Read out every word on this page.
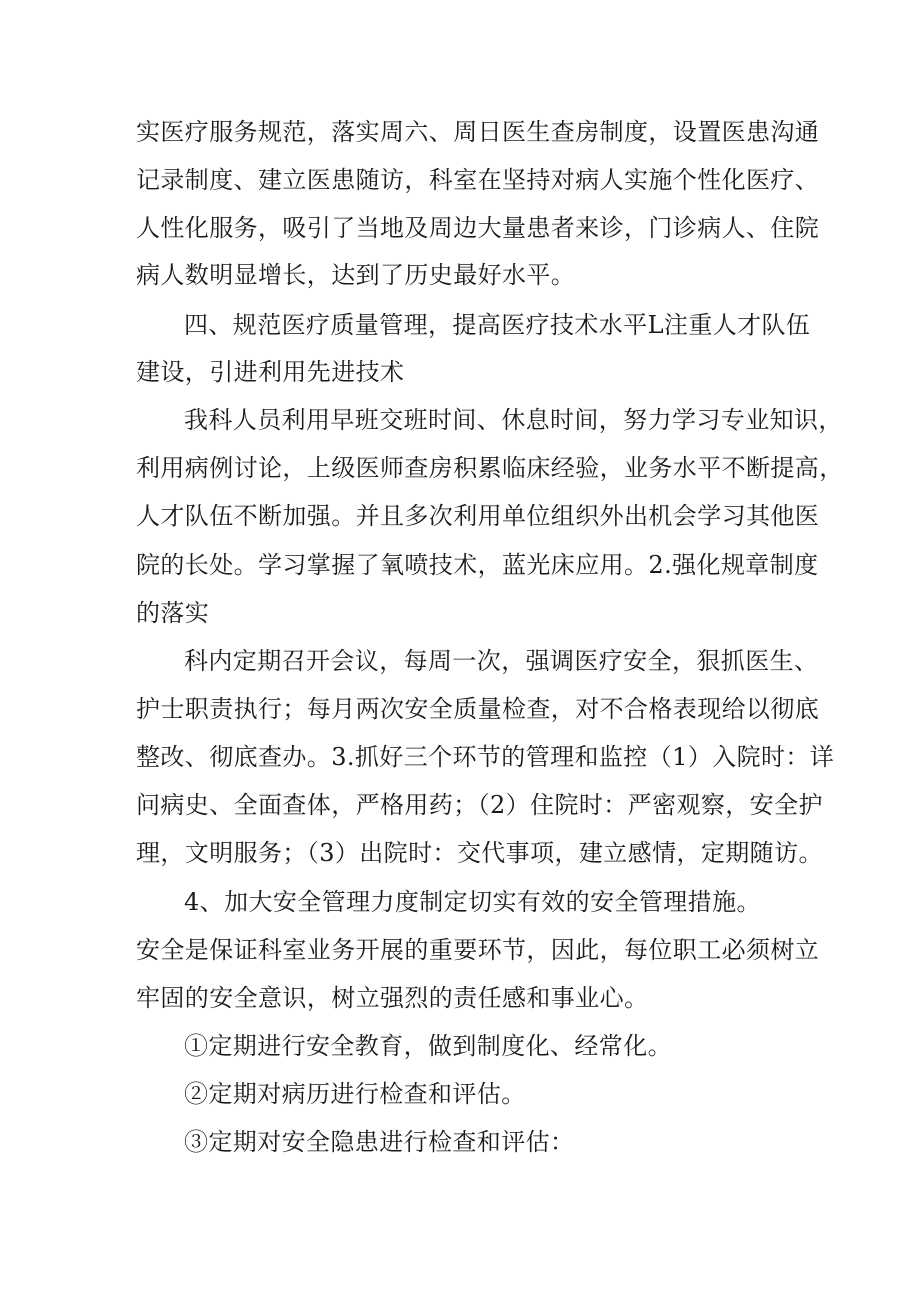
实医疗服务规范，落实周六、周日医生查房制度，设置医患沟通
记录制度、建立医患随访，科室在坚持对病人实施个性化医疗、
人性化服务，吸引了当地及周边大量患者来诊，门诊病人、住院
病人数明显增长，达到了历史最好水平。
四、规范医疗质量管理，提高医疗技术水平L注重人才队伍
建设，引进利用先进技术
我科人员利用早班交班时间、休息时间，努力学习专业知识，
利用病例讨论，上级医师查房积累临床经验，业务水平不断提高，
人才队伍不断加强。并且多次利用单位组织外出机会学习其他医
院的长处。学习掌握了氧喷技术，蓝光床应用。2.强化规章制度
的落实
科内定期召开会议，每周一次，强调医疗安全，狠抓医生、
护士职责执行；每月两次安全质量检查，对不合格表现给以彻底
整改、彻底查办。3.抓好三个环节的管理和监控（1）入院时：详
问病史、全面查体，严格用药；（2）住院时：严密观察，安全护
理，文明服务；（3）出院时：交代事项，建立感情，定期随访。
4、加大安全管理力度制定切实有效的安全管理措施。
安全是保证科室业务开展的重要环节，因此，每位职工必须树立
牢固的安全意识，树立强烈的责任感和事业心。
①定期进行安全教育，做到制度化、经常化。
②定期对病历进行检查和评估。
③定期对安全隐患进行检查和评估：
